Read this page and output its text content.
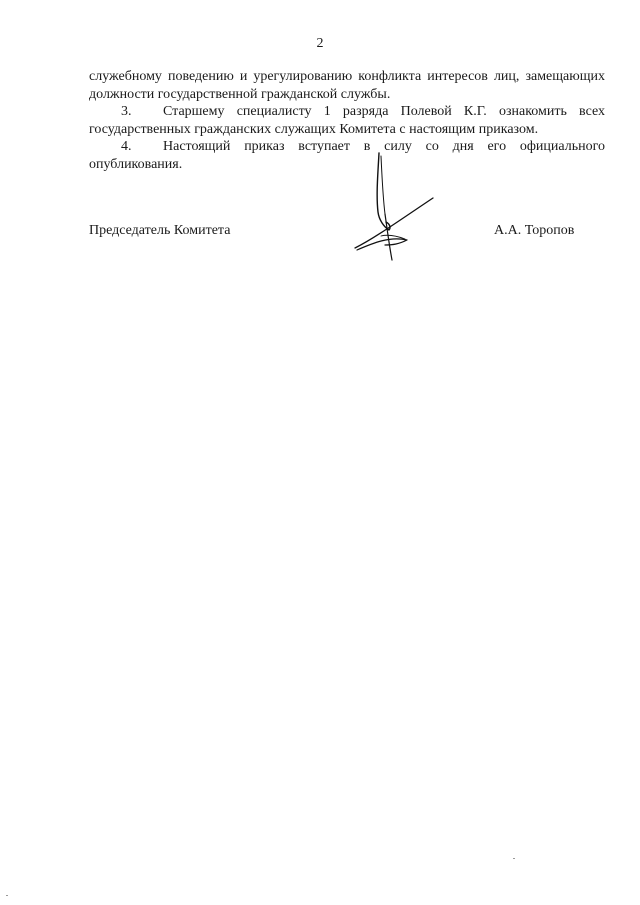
2

служебному поведению и урегулированию конфликта интересов лиц, замещающих должности государственной гражданской службы.

3. Старшему специалисту 1 разряда Полевой К.Г. ознакомить всех государственных гражданских служащих Комитета с настоящим приказом.

4. Настоящий приказ вступает в силу со дня его официального опубликования.

Председатель Комитета	А.А. Торопов
